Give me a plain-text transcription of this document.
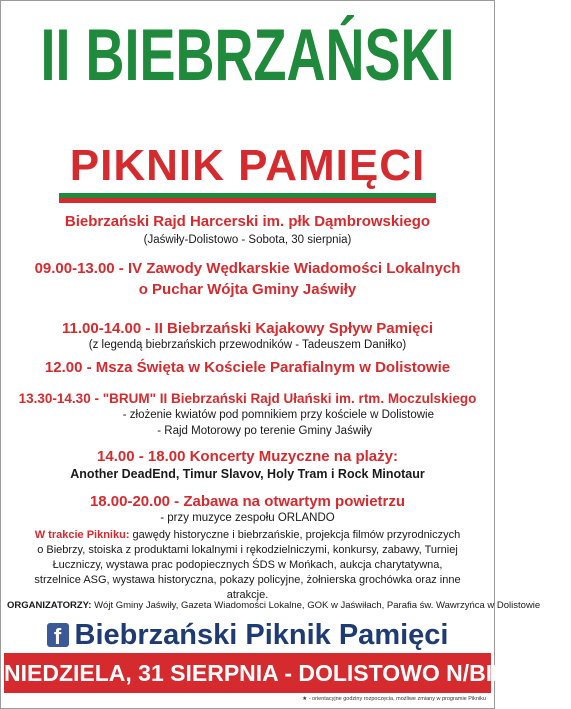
II BIEBRZAŃSKI
PIKNIK PAMIĘCI
Biebrzański Rajd Harcerski im. płk Dąmbrowskiego
(Jaświły-Dolistowo - Sobota, 30 sierpnia)
09.00-13.00 - IV Zawody Wędkarskie Wiadomości Lokalnych
o Puchar Wójta Gminy Jaświły
11.00-14.00 - II Biebrzański Kajakowy Spływ Pamięci
(z legendą biebrzańskich przewodników - Tadeuszem Daniłko)
12.00 - Msza Święta w Kościele Parafialnym w Dolistowie
13.30-14.30 - "BRUM" II Biebrzański Rajd Ułański im. rtm. Moczulskiego
- złożenie kwiatów pod pomnikiem przy kościele w Dolistowie
- Rajd Motorowy po terenie Gminy Jaświły
14.00 - 18.00 Koncerty Muzyczne na plaży:
Another DeadEnd, Timur Slavov, Holy Tram i Rock Minotaur
18.00-20.00 - Zabawa na otwartym powietrzu
- przy muzyce zespołu ORLANDO
W trakcie Pikniku: gawędy historyczne i biebrzańskie, projekcja filmów przyrodniczych o Biebrzy, stoiska z produktami lokalnymi i rękodzielniczymi, konkursy, zabawy, Turniej Łuczniczy, wystawa prac podopiecznych ŚDS w Mońkach, aukcja charytatywna, strzelnice ASG, wystawa historyczna, pokazy policyjne, żołnierska grochówka oraz inne atrakcje.
ORGANIZATORZY: Wójt Gminy Jaświły, Gazeta Wiadomości Lokalne, GOK w Jaświłach, Parafia św. Wawrzyńca w Dolistowie
f Biebrzański Piknik Pamięci
NIEDZIELA, 31 SIERPNIA - DOLISTOWO N/BIEBRZĄ
★ - orientacyjne godziny rozpoczęcia, możliwe zmiany w programie Pikniku
